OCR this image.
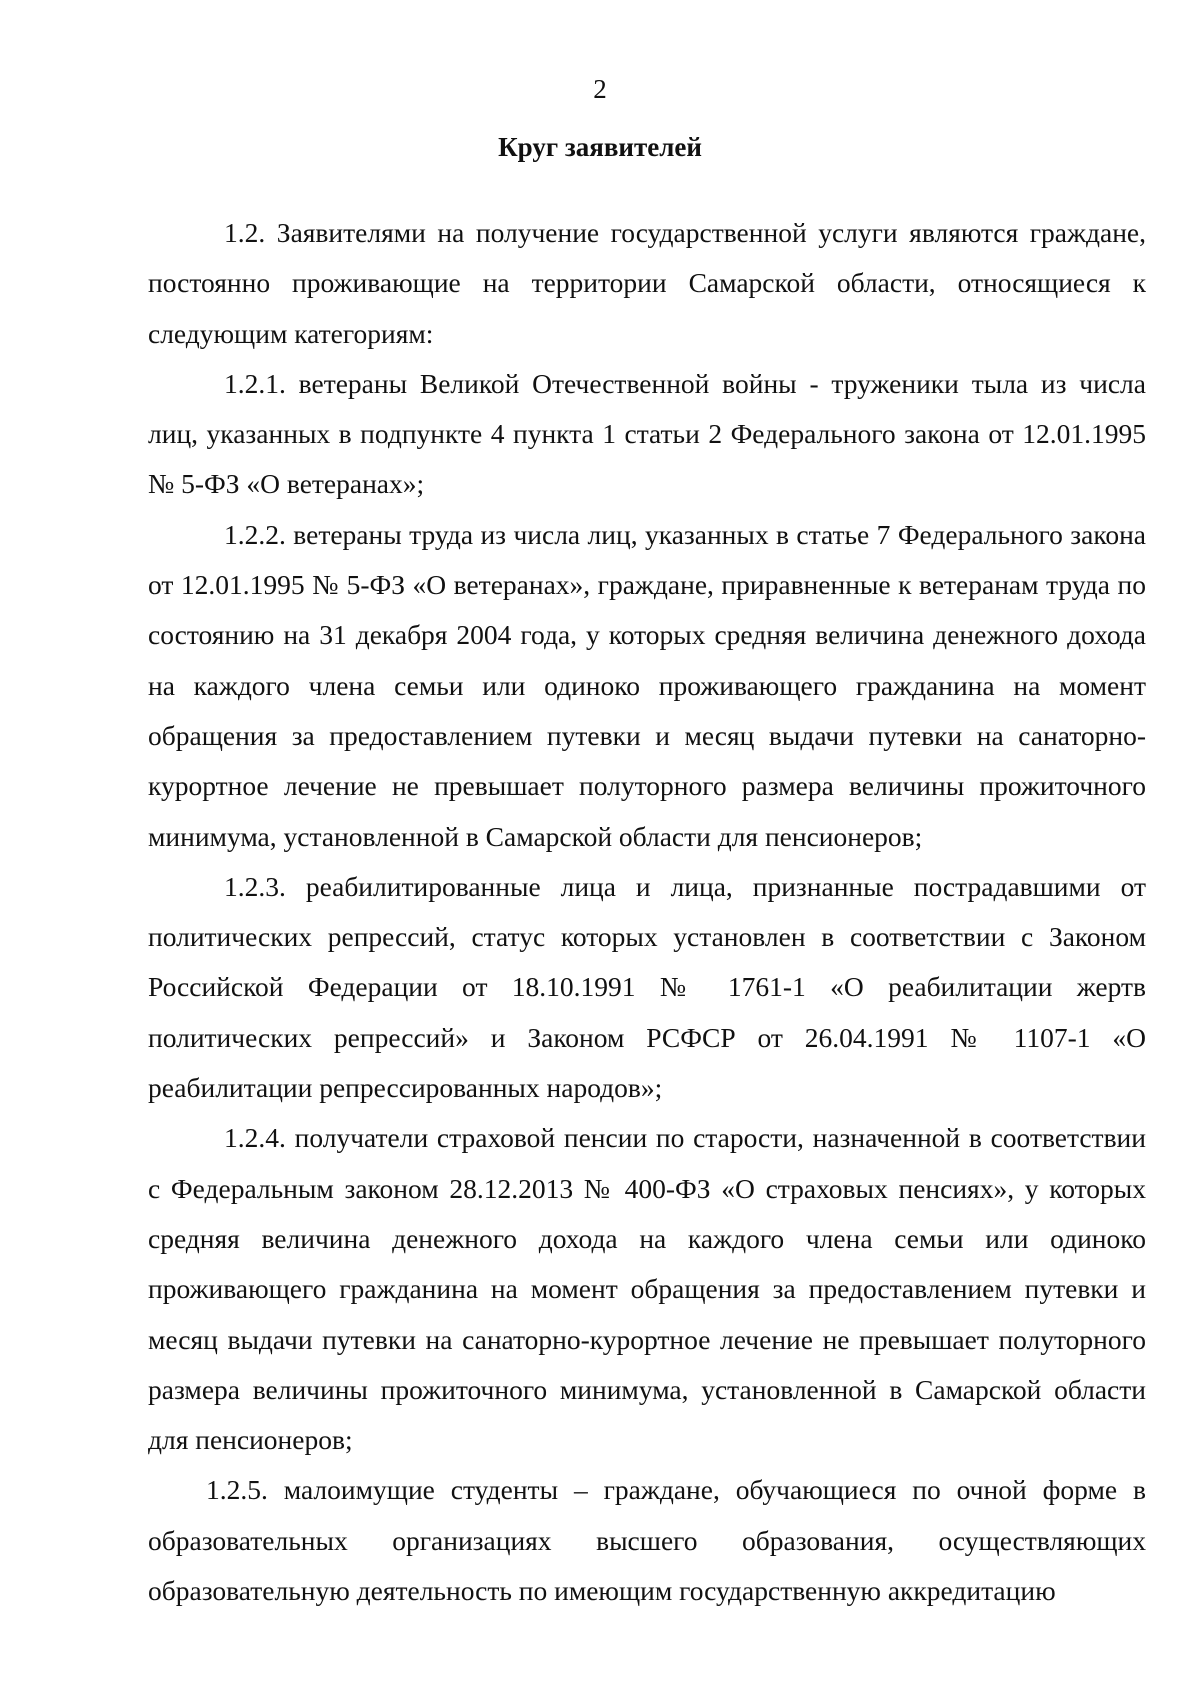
2
Круг заявителей

1.2. Заявителями на получение государственной услуги являются граждане, постоянно проживающие на территории Самарской области, относящиеся к следующим категориям:

1.2.1. ветераны Великой Отечественной войны - труженики тыла из числа лиц, указанных в подпункте 4 пункта 1 статьи 2 Федерального закона от 12.01.1995 № 5-ФЗ «О ветеранах»;

1.2.2. ветераны труда из числа лиц, указанных в статье 7 Федерального закона от 12.01.1995 № 5-ФЗ «О ветеранах», граждане, приравненные к ветеранам труда по состоянию на 31 декабря 2004 года, у которых средняя величина денежного дохода на каждого члена семьи или одиноко проживающего гражданина на момент обращения за предоставлением путевки и месяц выдачи путевки на санаторно-курортное лечение не превышает полуторного размера величины прожиточного минимума, установленной в Самарской области для пенсионеров;

1.2.3. реабилитированные лица и лица, признанные пострадавшими от политических репрессий, статус которых установлен в соответствии с Законом Российской Федерации от 18.10.1991 № 1761-1 «О реабилитации жертв политических репрессий» и Законом РСФСР от 26.04.1991 № 1107-1 «О реабилитации репрессированных народов»;

1.2.4. получатели страховой пенсии по старости, назначенной в соответствии с Федеральным законом 28.12.2013 № 400-ФЗ «О страховых пенсиях», у которых средняя величина денежного дохода на каждого члена семьи или одиноко проживающего гражданина на момент обращения за предоставлением путевки и месяц выдачи путевки на санаторно-курортное лечение не превышает полуторного размера величины прожиточного минимума, установленной в Самарской области для пенсионеров;

1.2.5. малоимущие студенты – граждане, обучающиеся по очной форме в образовательных организациях высшего образования, осуществляющих образовательную деятельность по имеющим государственную аккредитацию
